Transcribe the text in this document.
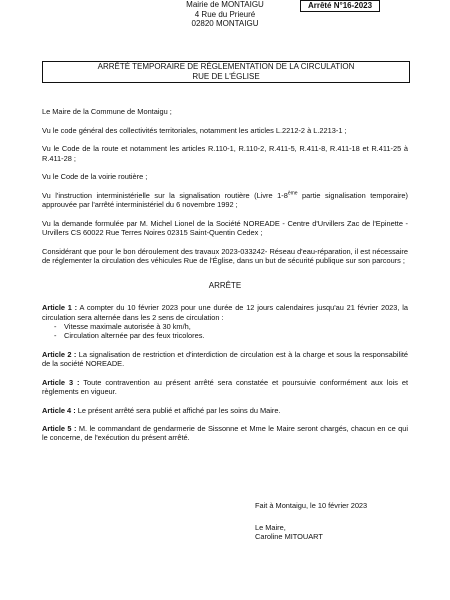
Mairie de MONTAIGU
4 Rue du Prieuré
02820 MONTAIGU
Arrêté N°16-2023
ARRÊTÉ TEMPORAIRE DE RÈGLEMENTATION DE LA CIRCULATION
RUE DE L'ÉGLISE

Le Maire de la Commune de Montaigu ;

Vu le code général des collectivités territoriales, notamment les articles L.2212-2 à L.2213-1 ;

Vu le Code de la route et notamment les articles R.110-1, R.110-2, R.411-5, R.411-8, R.411-18 et R.411-25 à R.411-28 ;

Vu le Code de la voirie routière ;

Vu l'instruction interministérielle sur la signalisation routière (Livre 1-8ème partie signalisation temporaire) approuvée par l'arrêté interministériel du 6 novembre 1992 ;

Vu la demande formulée par M. Michel Lionel de la Société NOREADE - Centre d'Urvillers Zac de l'Epinette - Urvillers CS 60022 Rue Terres Noires 02315 Saint-Quentin Cedex ;

Considérant que pour le bon déroulement des travaux 2023-033242- Réseau d'eau-réparation, il est nécessaire de réglementer la circulation des véhicules Rue de l'Église, dans un but de sécurité publique sur son parcours ;

ARRÊTE
Article 1 : A compter du 10 février 2023 pour une durée de 12 jours calendaires jusqu'au 21 février 2023, la circulation sera alternée dans les 2 sens de circulation :
- Vitesse maximale autorisée à 30 km/h,
- Circulation alternée par des feux tricolores.

Article 2 : La signalisation de restriction et d'interdiction de circulation est à la charge et sous la responsabilité de la société NOREADE.

Article 3 : Toute contravention au présent arrêté sera constatée et poursuivie conformément aux lois et règlements en vigueur.

Article 4 : Le présent arrêté sera publié et affiché par les soins du Maire.

Article 5 : M. le commandant de gendarmerie de Sissonne et Mme le Maire seront chargés, chacun en ce qui le concerne, de l'exécution du présent arrêté.

Fait à Montaigu, le 10 février 2023
Le Maire,
Caroline MITOUART
